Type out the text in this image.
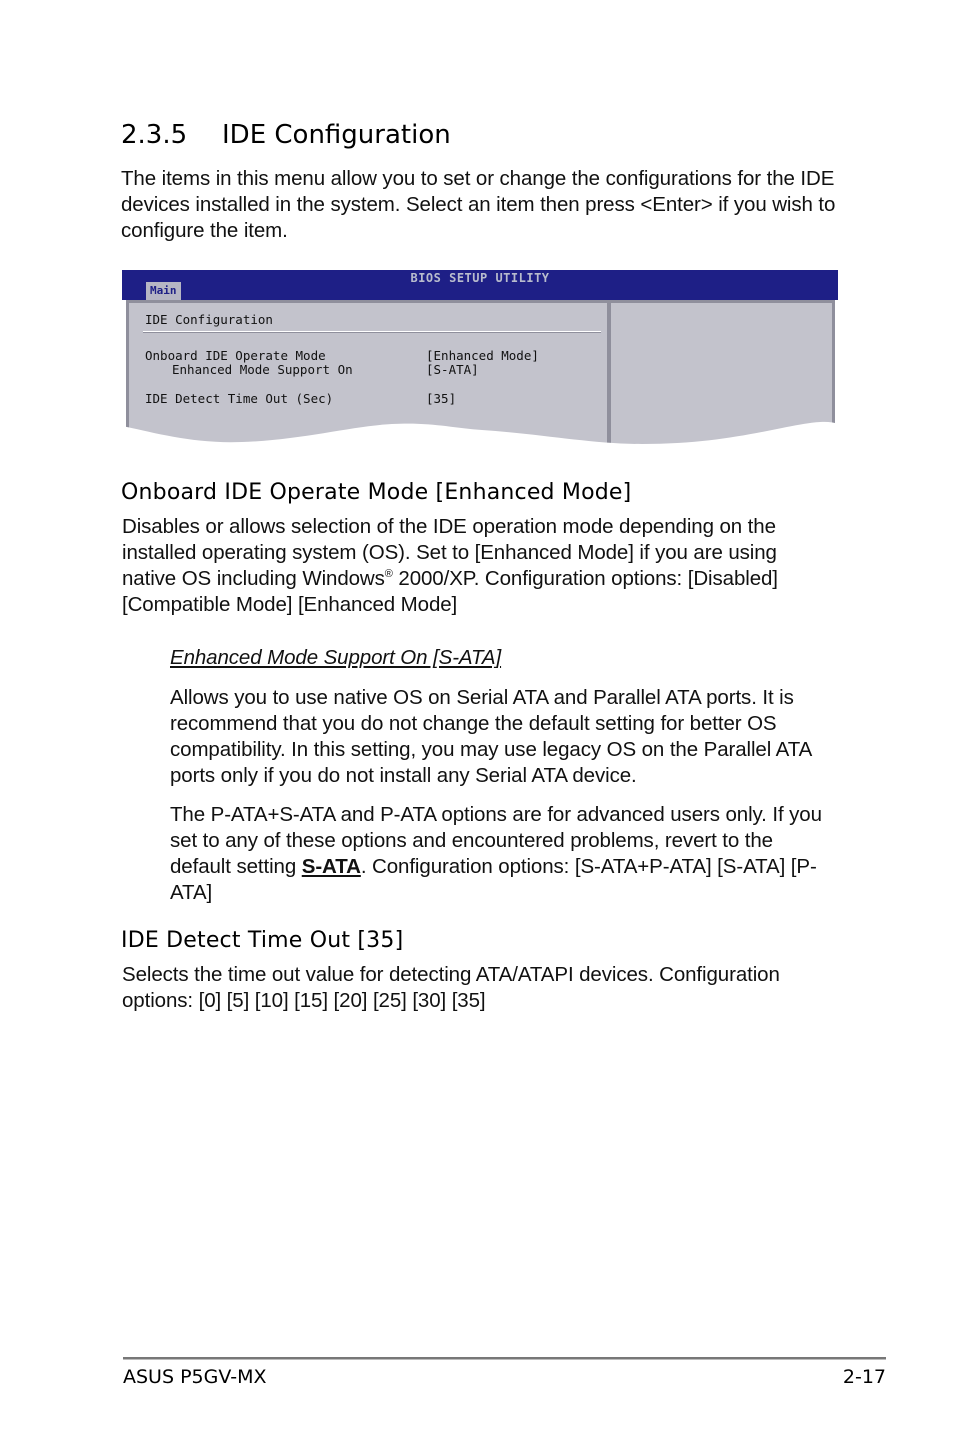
2.3.5 IDE Configuration

The items in this menu allow you to set or change the configurations for the IDE devices installed in the system. Select an item then press <Enter> if you wish to configure the item.

BIOS SETUP UTILITY
Main
IDE Configuration
Onboard IDE Operate Mode	[Enhanced Mode]
Enhanced Mode Support On	[S-ATA]
IDE Detect Time Out (Sec)	[35]
Onboard IDE Operate Mode [Enhanced Mode]

Disables or allows selection of the IDE operation mode depending on the installed operating system (OS). Set to [Enhanced Mode] if you are using native OS including Windows® 2000/XP. Configuration options: [Disabled] [Compatible Mode] [Enhanced Mode]

Enhanced Mode Support On [S-ATA]

Allows you to use native OS on Serial ATA and Parallel ATA ports. It is recommend that you do not change the default setting for better OS compatibility. In this setting, you may use legacy OS on the Parallel ATA ports only if you do not install any Serial ATA device.

The P-ATA+S-ATA and P-ATA options are for advanced users only. If you set to any of these options and encountered problems, revert to the default setting S-ATA. Configuration options: [S-ATA+P-ATA] [S-ATA] [P-ATA]

IDE Detect Time Out [35]

Selects the time out value for detecting ATA/ATAPI devices. Configuration options: [0] [5] [10] [15] [20] [25] [30] [35]

ASUS P5GV-MX	2-17
